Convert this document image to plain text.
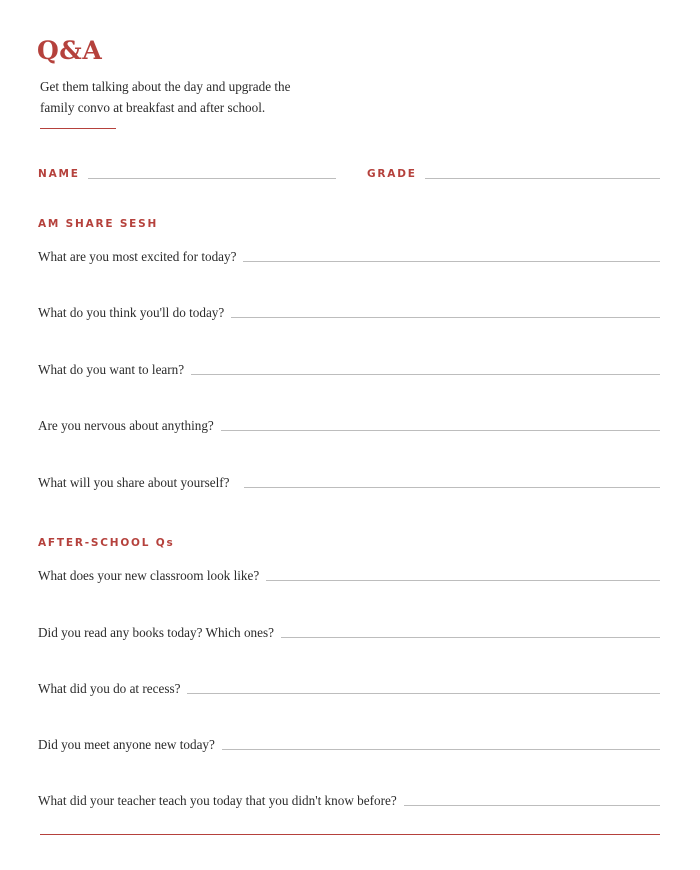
Q&A

Get them talking about the day and upgrade the
family convo at breakfast and after school.

NAME	GRADE
AM SHARE SESH
What are you most excited for today?
What do you think you'll do today?
What do you want to learn?
Are you nervous about anything?
What will you share about yourself?
AFTER-SCHOOL Qs
What does your new classroom look like?
Did you read any books today? Which ones?
What did you do at recess?
Did you meet anyone new today?
What did your teacher teach you today that you didn't know before?
